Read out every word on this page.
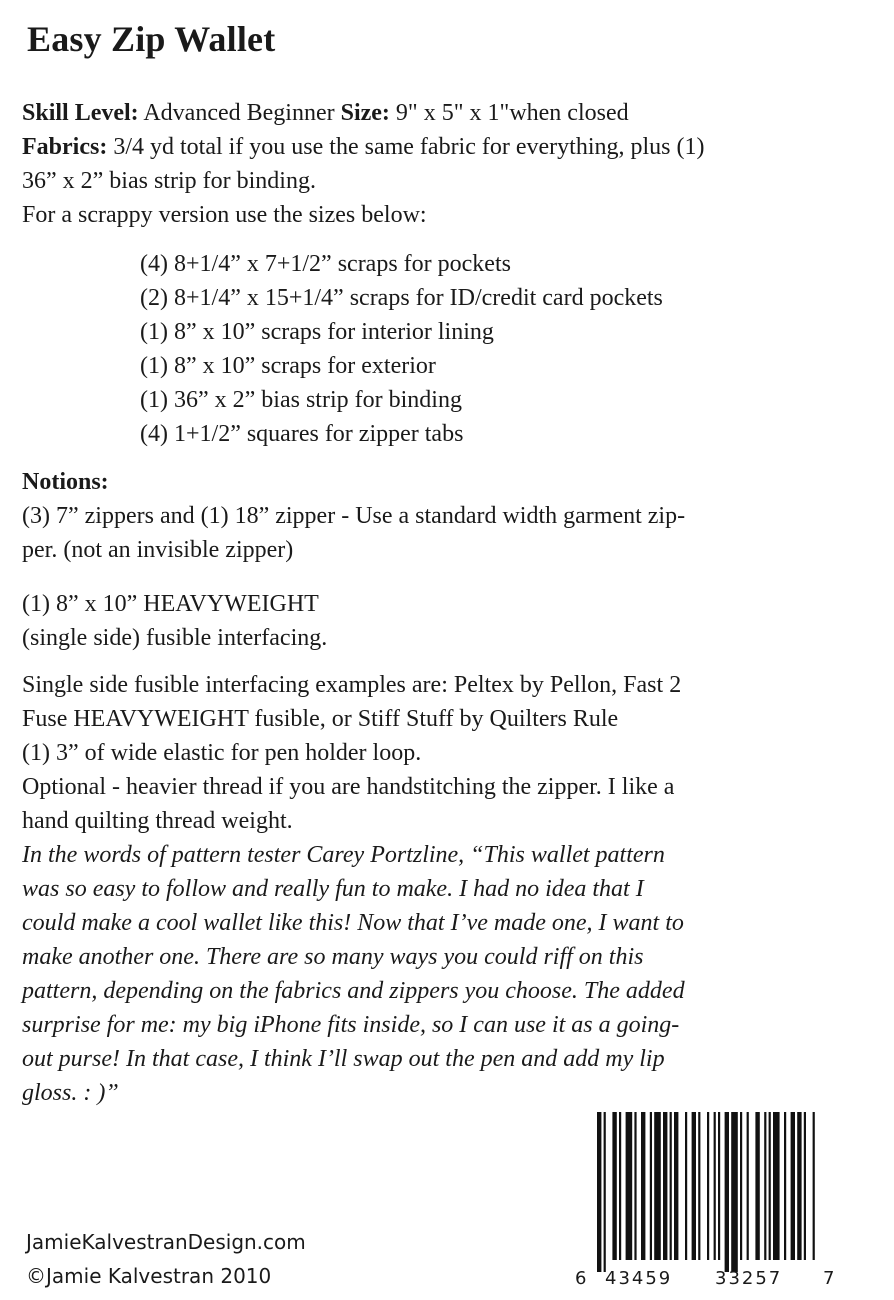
Easy Zip Wallet
Skill Level: Advanced Beginner Size: 9" x 5" x 1"when closed
Fabrics: 3/4 yd total if you use the same fabric for everything, plus (1)
36” x 2” bias strip for binding.
For a scrappy version use the sizes below:
(4) 8+1/4” x 7+1/2” scraps for pockets
(2) 8+1/4” x 15+1/4” scraps for ID/credit card pockets
(1) 8” x 10” scraps for interior lining
(1) 8” x 10” scraps for exterior
(1) 36” x 2” bias strip for binding
(4) 1+1/2” squares for zipper tabs
Notions:
(3) 7” zippers and (1) 18” zipper - Use a standard width garment zip-
per. (not an invisible zipper)
(1) 8” x 10” HEAVYWEIGHT
(single side) fusible interfacing.
Single side fusible interfacing examples are: Peltex by Pellon, Fast 2
Fuse HEAVYWEIGHT fusible, or Stiff Stuff by Quilters Rule
(1) 3” of wide elastic for pen holder loop.
Optional - heavier thread if you are handstitching the zipper. I like a
hand quilting thread weight.
In the words of pattern tester Carey Portzline, “This wallet pattern
was so easy to follow and really fun to make. I had no idea that I
could make a cool wallet like this! Now that I’ve made one, I want to
make another one. There are so many ways you could riff on this
pattern, depending on the fabrics and zippers you choose. The added
surprise for me: my big iPhone fits inside, so I can use it as a going-
out purse! In that case, I think I’ll swap out the pen and add my lip
gloss. : )”
JamieKalvestranDesign.com
©Jamie Kalvestran 2010	6 43459 33257 7
